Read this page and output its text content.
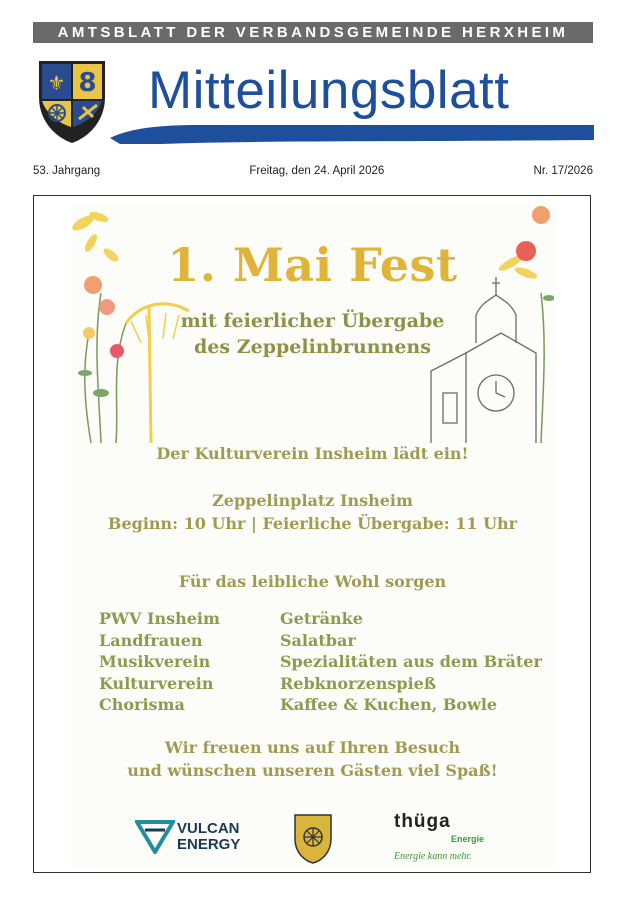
AMTSBLATT DER VERBANDSGEMEINDE HERXHEIM
⚜ 8 Mitteilungsblatt
53. Jahrgang	Freitag, den 24. April 2026	Nr. 17/2026
1. Mai Fest
mit feierlicher Übergabe
des Zeppelinbrunnens
Der Kulturverein Insheim lädt ein!
Zeppelinplatz Insheim
Beginn: 10 Uhr | Feierliche Übergabe: 11 Uhr
Für das leibliche Wohl sorgen
PWV Insheim
Landfrauen
Musikverein
Kulturverein
Chorisma
Getränke
Salatbar
Spezialitäten aus dem Bräter
Rebknorzenspieß
Kaffee & Kuchen, Bowle
Wir freuen uns auf Ihren Besuch
und wünschen unseren Gästen viel Spaß!
VULCAN
ENERGY
thüga
Energie
Energie kann mehr.
